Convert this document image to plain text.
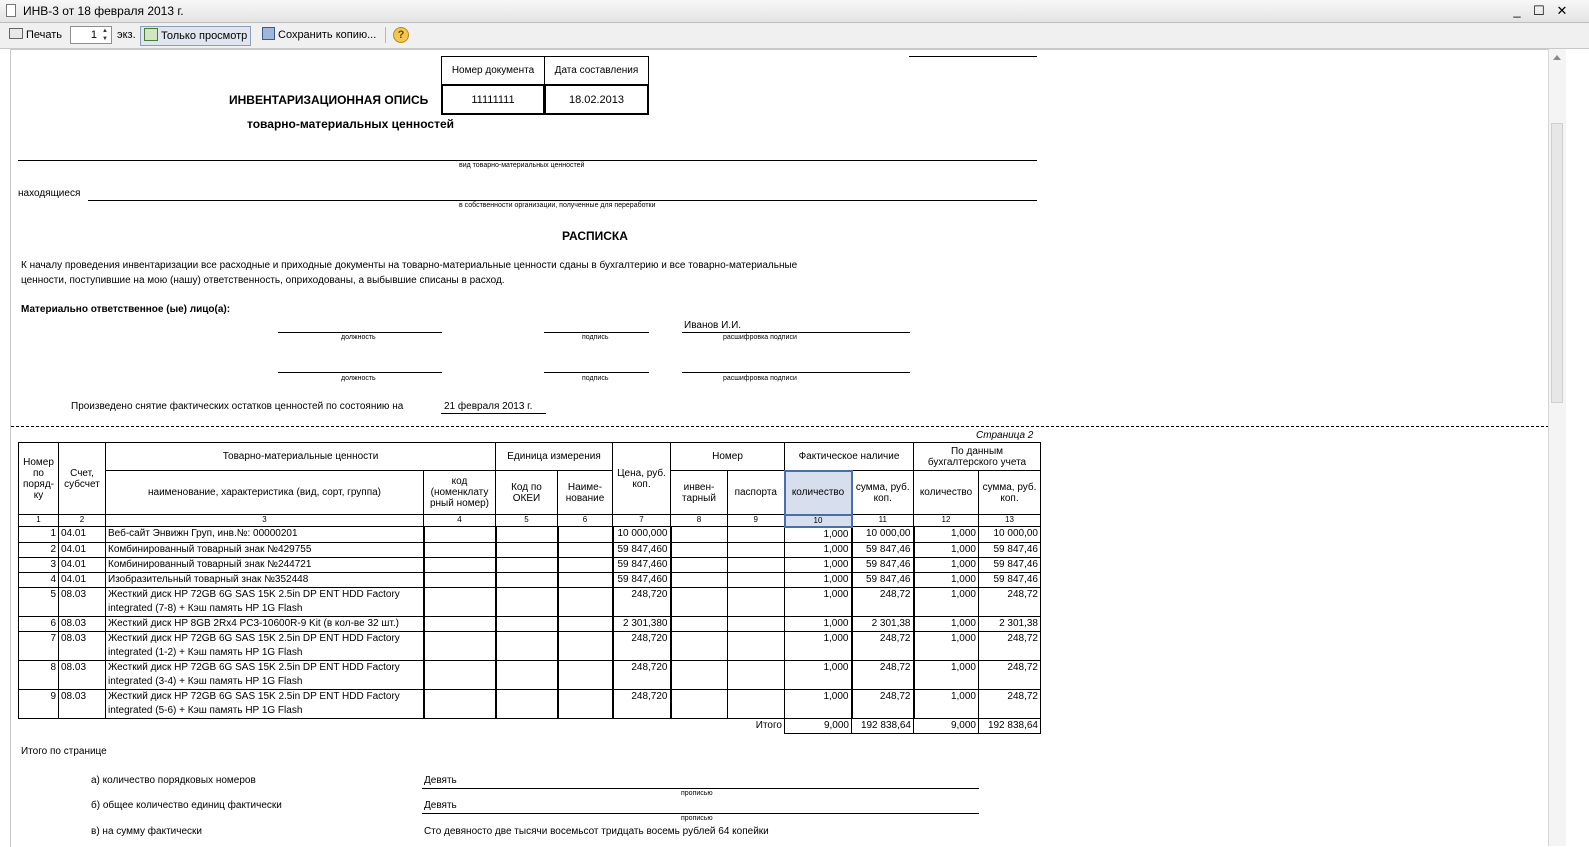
ИНВ-3 от 18 февраля 2013 г.	_ ☐ ✕
Печать	1 ▲
▼ экз.	Только просмотр	Сохранить копию...	?
Номер документа	Дата составления
11111111	18.02.2013
ИНВЕНТАРИЗАЦИОННАЯ ОПИСЬ
товарно-материальных ценностей
вид товарно-материальных ценностей
находящиеся
в собственности организации, полученные для переработки
РАСПИСКА
К началу проведения инвентаризации все расходные и приходные документы на товарно-материальные ценности сданы в бухгалтерию и все товарно-материальные
ценности, поступившие на мою (нашу) ответственность, оприходованы, а выбывшие списаны в расход.
Материально ответственное (ые) лицо(а):
должность	подпись
Иванов И.И.
расшифровка подписи
должность	подпись	расшифровка подписи
Произведено снятие фактических остатков ценностей по состоянию на	21 февраля 2013 г.
Страница 2
Номер по поряд-ку	Счет, субсчет	Товарно-материальные ценности		Единица измерения		Цена, руб. коп.	Номер		Фактическое наличие		По данным бухгалтерского учета	
		наименование, характеристика (вид, сорт, группа)	код (номенклату рный номер)	Код по ОКЕИ	Наиме-нование		инвен-тарный	паспорта	количество	сумма, руб. коп.	количество	сумма, руб. коп.
1	2	3	4	5	6	7	8	9	10	11	12	13
1	04.01	Веб-сайт Энвижн Груп, инв.№: 00000201				10 000,000			1,000	10 000,00	1,000	10 000,00
2	04.01	Комбинированный товарный знак №429755				59 847,460			1,000	59 847,46	1,000	59 847,46
3	04.01	Комбинированный товарный знак №244721				59 847,460			1,000	59 847,46	1,000	59 847,46
4	04.01	Изобразительный товарный знак №352448				59 847,460			1,000	59 847,46	1,000	59 847,46
5	08.03	Жесткий диск HP 72GB 6G SAS 15K 2.5in DP ENT HDD Factory integrated (7-8) + Кэш память HP 1G Flash				248,720			1,000	248,72	1,000	248,72
6	08.03	Жесткий диск HP 8GB 2Rx4 PC3-10600R-9 Kit (в кол-ве 32 шт.)				2 301,380			1,000	2 301,38	1,000	2 301,38
7	08.03	Жесткий диск HP 72GB 6G SAS 15K 2.5in DP ENT HDD Factory integrated (1-2) + Кэш память HP 1G Flash				248,720			1,000	248,72	1,000	248,72
8	08.03	Жесткий диск HP 72GB 6G SAS 15K 2.5in DP ENT HDD Factory integrated (3-4) + Кэш память HP 1G Flash				248,720			1,000	248,72	1,000	248,72
9	08.03	Жесткий диск HP 72GB 6G SAS 15K 2.5in DP ENT HDD Factory integrated (5-6) + Кэш память HP 1G Flash				248,720			1,000	248,72	1,000	248,72
Итого									9,000	192 838,64	9,000	192 838,64
Итого по странице
а) количество порядковых номеров	Девять
прописью
б) общее количество единиц фактически	Девять
прописью
в) на сумму фактически	Сто девяносто две тысячи восемьсот тридцать восемь рублей 64 копейки
